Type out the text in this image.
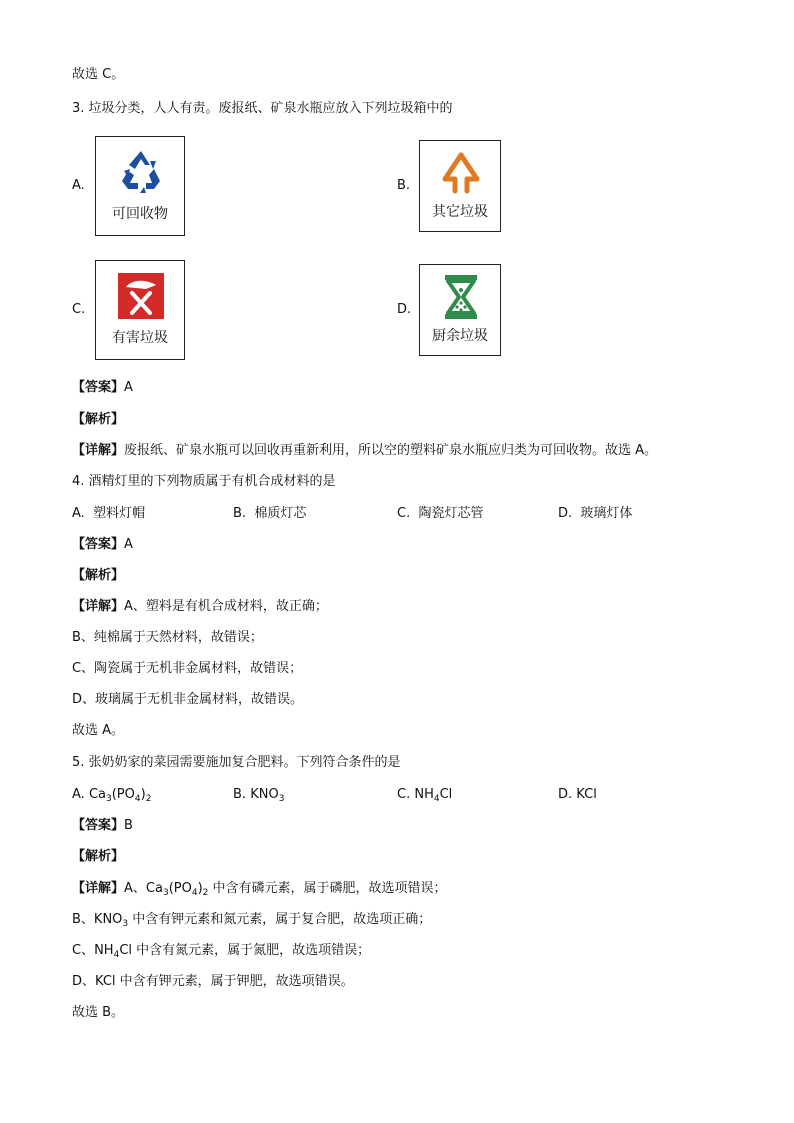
故选 C。
3. 垃圾分类，人人有责。废报纸、矿泉水瓶应放入下列垃圾箱中的
A.
可回收物
B.
其它垃圾
C.
有害垃圾
D.
厨余垃圾
【答案】A
【解析】
【详解】废报纸、矿泉水瓶可以回收再重新利用，所以空的塑料矿泉水瓶应归类为可回收物。故选 A。
4. 酒精灯里的下列物质属于有机合成材料的是
A. 塑料灯帽	B. 棉质灯芯	C. 陶瓷灯芯管	D. 玻璃灯体
【答案】A
【解析】
【详解】A、塑料是有机合成材料，故正确；
B、纯棉属于天然材料，故错误；
C、陶瓷属于无机非金属材料，故错误；
D、玻璃属于无机非金属材料，故错误。
故选 A。
5. 张奶奶家的菜园需要施加复合肥料。下列符合条件的是
A. $Ca_3(PO_4)_2$	B. $KNO_3$	C. $NH_4Cl$	D. KCl
【答案】B
【解析】
【详解】A、$Ca_3(PO_4)_2$ 中含有磷元素，属于磷肥，故选项错误；
B、$KNO_3$ 中含有钾元素和氮元素，属于复合肥，故选项正确；
C、$NH_4Cl$ 中含有氮元素，属于氮肥，故选项错误；
D、KCl 中含有钾元素，属于钾肥，故选项错误。
故选 B。
